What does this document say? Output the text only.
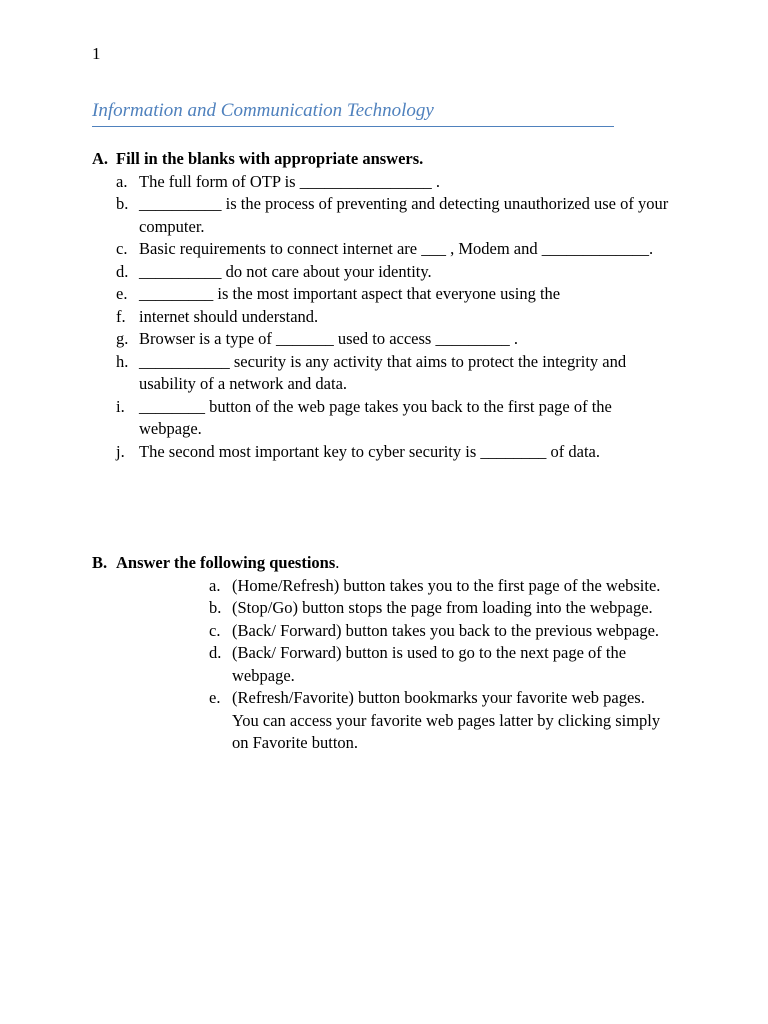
1
Information and Communication Technology
A. Fill in the blanks with appropriate answers.
a. The full form of OTP is ________________ .
b. __________ is the process of preventing and detecting unauthorized use of your computer.
c. Basic requirements to connect internet are ___ , Modem and _____________.
d. __________ do not care about your identity.
e. _________ is the most important aspect that everyone using the
f. internet should understand.
g. Browser is a type of _______ used to access _________ .
h. ___________ security is any activity that aims to protect the integrity and usability of a network and data.
i. ________ button of the web page takes you back to the first page of the webpage.
j. The second most important key to cyber security is ________ of data.
B. Answer the following questions.
a. (Home/Refresh) button takes you to the first page of the website.
b. (Stop/Go) button stops the page from loading into the webpage.
c. (Back/ Forward) button takes you back to the previous webpage.
d. (Back/ Forward) button is used to go to the next page of the webpage.
e. (Refresh/Favorite) button bookmarks your favorite web pages. You can access your favorite web pages latter by clicking simply on Favorite button.
